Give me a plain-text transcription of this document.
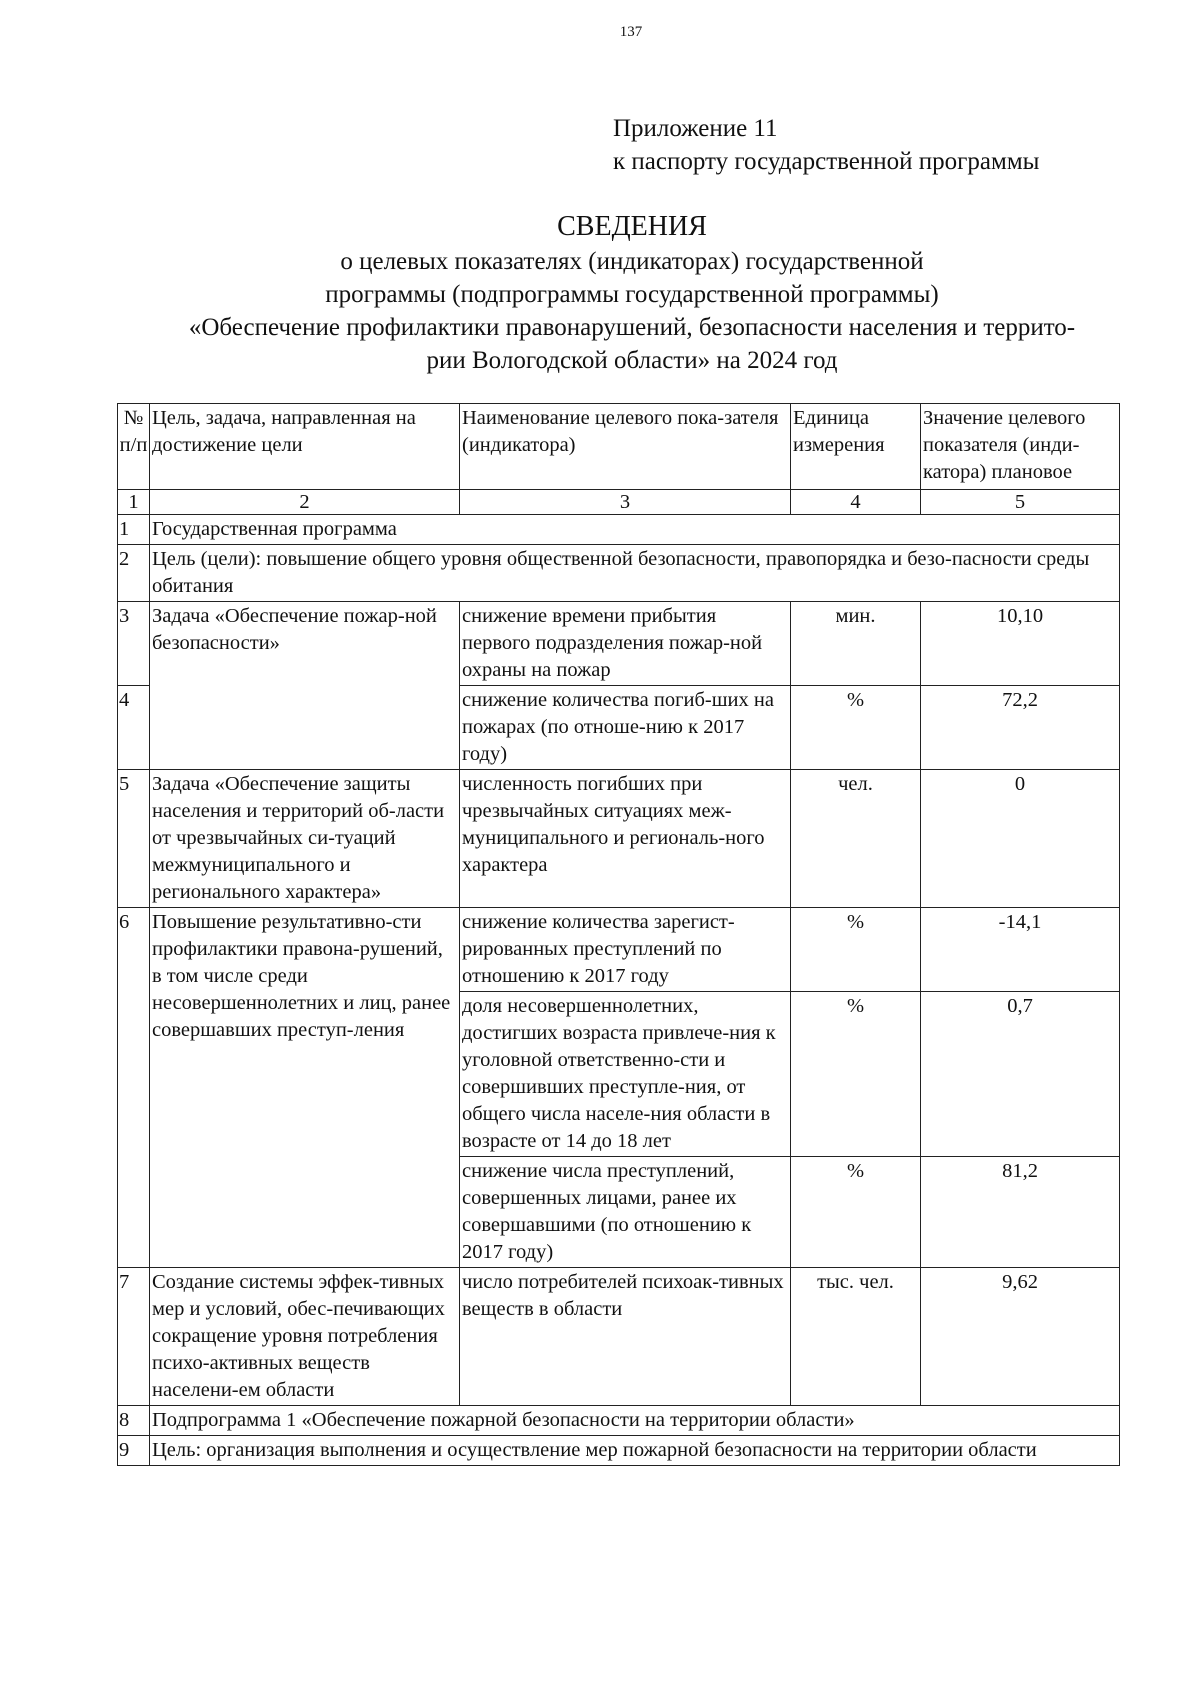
137
Приложение 11
к паспорту государственной программы
СВЕДЕНИЯ
о целевых показателях (индикаторах) государственной
программы (подпрограммы государственной программы)
«Обеспечение профилактики правонарушений, безопасности населения и террито-
рии Вологодской области» на 2024 год
№ п/п	Цель, задача, направленная на достижение цели	Наименование целевого пока-зателя (индикатора)	Единица измерения	Значение целевого показателя (инди-катора) плановое
1	2	3	4	5
1	Государственная программа			
2	Цель (цели): повышение общего уровня общественной безопасности, правопорядка и безо-пасности среды обитания			
3	Задача «Обеспечение пожар-ной безопасности»	снижение времени прибытия первого подразделения пожар-ной охраны на пожар	мин.	10,10
4		снижение количества погиб-ших на пожарах (по отноше-нию к 2017 году)	%	72,2
5	Задача «Обеспечение защиты населения и территорий об-ласти от чрезвычайных си-туаций межмуниципального и регионального характера»	численность погибших при чрезвычайных ситуациях меж-муниципального и региональ-ного характера	чел.	0
6	Повышение результативно-сти профилактики правона-рушений, в том числе среди несовершеннолетних и лиц, ранее совершавших преступ-ления	снижение количества зарегист-рированных преступлений по отношению к 2017 году	%	-14,1
		доля несовершеннолетних, достигших возраста привлече-ния к уголовной ответственно-сти и совершивших преступле-ния, от общего числа населе-ния области в возрасте от 14 до 18 лет	%	0,7
		снижение числа преступлений, совершенных лицами, ранее их совершавшими (по отношению к 2017 году)	%	81,2
7	Создание системы эффек-тивных мер и условий, обес-печивающих сокращение уровня потребления психо-активных веществ населени-ем области	число потребителей психоак-тивных веществ в области	тыс. чел.	9,62
8	Подпрограмма 1 «Обеспечение пожарной безопасности на территории области»			
9	Цель: организация выполнения и осуществление мер пожарной безопасности на территории области			
